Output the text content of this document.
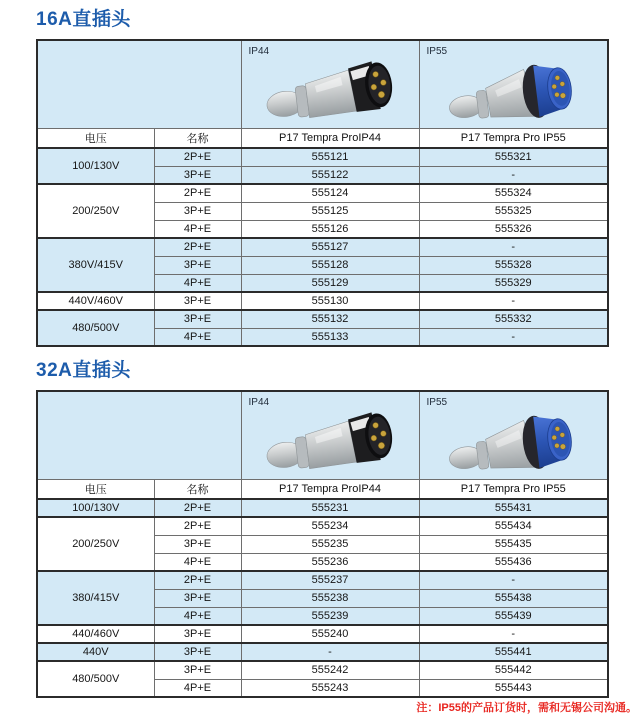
16A直插头

		IP44	IP55

电压	名称	P17 Tempra ProIP44	P17 Tempra Pro IP55
100/130V	2P+E	555121	555321
	3P+E	555122	-
200/250V	2P+E	555124	555324
	3P+E	555125	555325
	4P+E	555126	555326
380V/415V	2P+E	555127	-
	3P+E	555128	555328
	4P+E	555129	555329
440V/460V	3P+E	555130	-
480/500V	3P+E	555132	555332
	4P+E	555133	-
32A直插头

		IP44	IP55

电压	名称	P17 Tempra ProIP44	P17 Tempra Pro IP55
100/130V	2P+E	555231	555431
200/250V	2P+E	555234	555434
	3P+E	555235	555435
	4P+E	555236	555436
380/415V	2P+E	555237	-
	3P+E	555238	555438
	4P+E	555239	555439
440/460V	3P+E	555240	-
440V	3P+E	-	555441
480/500V	3P+E	555242	555442
	4P+E	555243	555443
注：IP55的产品订货时，需和无锡公司沟通。
